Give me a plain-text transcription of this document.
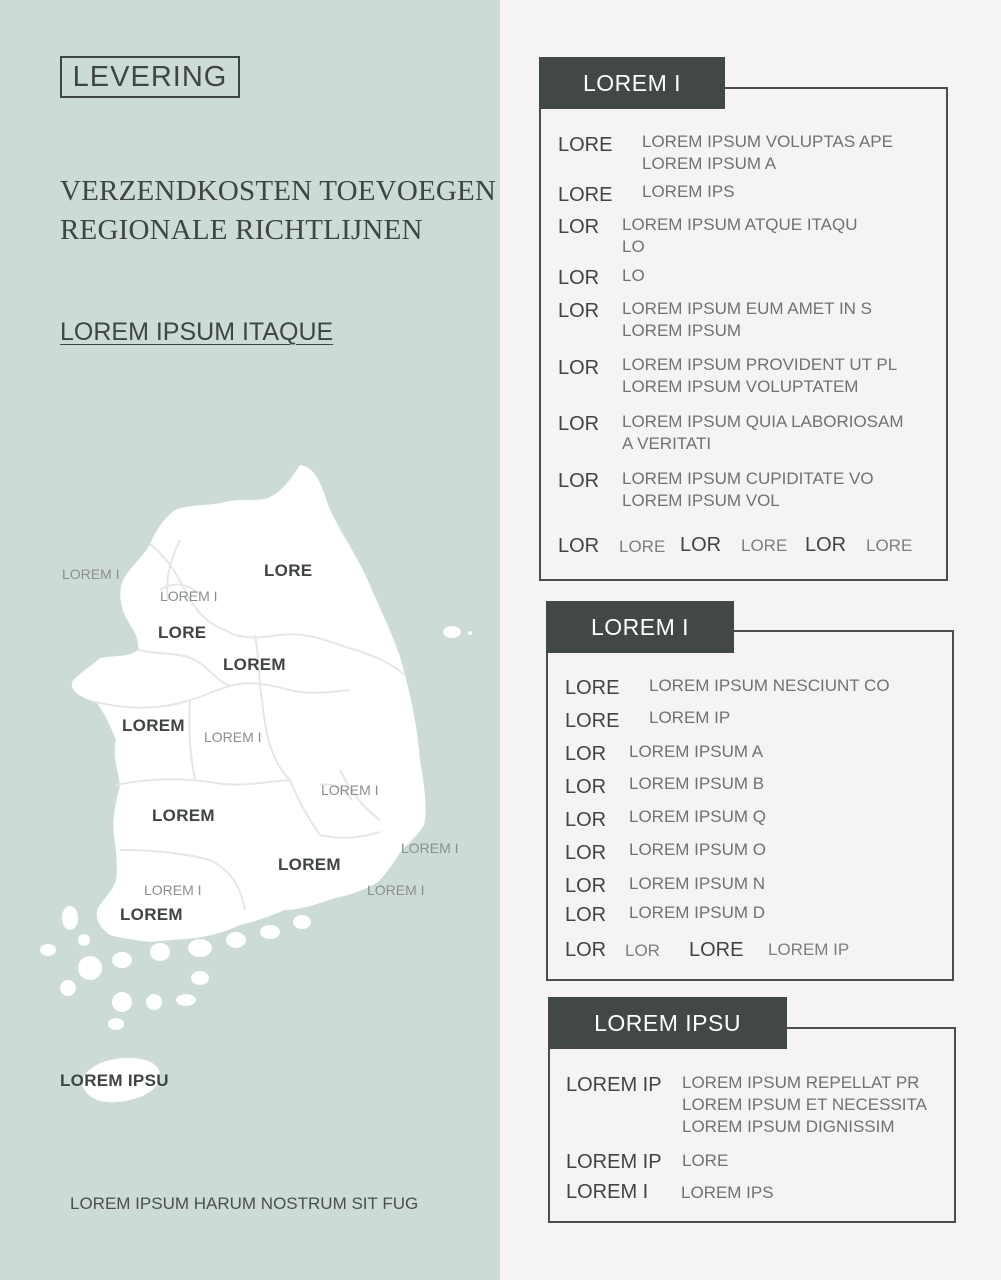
LEVERING
VERZENDKOSTEN TOEVOEGEN
REGIONALE RICHTLIJNEN
LOREM IPSUM ITAQUE
LOREM I	LORE
LOREM I
LORE
LOREM
LOREM
LOREM I
LOREM I
LOREM
LOREM I
LOREM
LOREM I	LOREM I
LOREM
LOREM IPSU
LOREM IPSUM HARUM NOSTRUM SIT FUG
LOREM I
LORE LOREM IPSUM VOLUPTAS APE
LOREM IPSUM A
LORE LOREM IPS
LOR LOREM IPSUM ATQUE ITAQU
LO
LOR LO
LOR LOREM IPSUM EUM AMET IN S
LOREM IPSUM
LOR LOREM IPSUM PROVIDENT UT PL
LOREM IPSUM VOLUPTATEM
LOR LOREM IPSUM QUIA LABORIOSAM
A VERITATI
LOR LOREM IPSUM CUPIDITATE VO
LOREM IPSUM VOL
LOR LORE LOR LORE LOR LORE
LOREM I
LORE LOREM IPSUM NESCIUNT CO
LORE LOREM IP
LOR LOREM IPSUM A
LOR LOREM IPSUM B
LOR LOREM IPSUM Q
LOR LOREM IPSUM O
LOR LOREM IPSUM N
LOR LOREM IPSUM D
LOR LOR LORE LOREM IP
LOREM IPSU
LOREM IP LOREM IPSUM REPELLAT PR
LOREM IPSUM ET NECESSITA
LOREM IPSUM DIGNISSIM
LOREM IP LORE
LOREM I LOREM IPS
